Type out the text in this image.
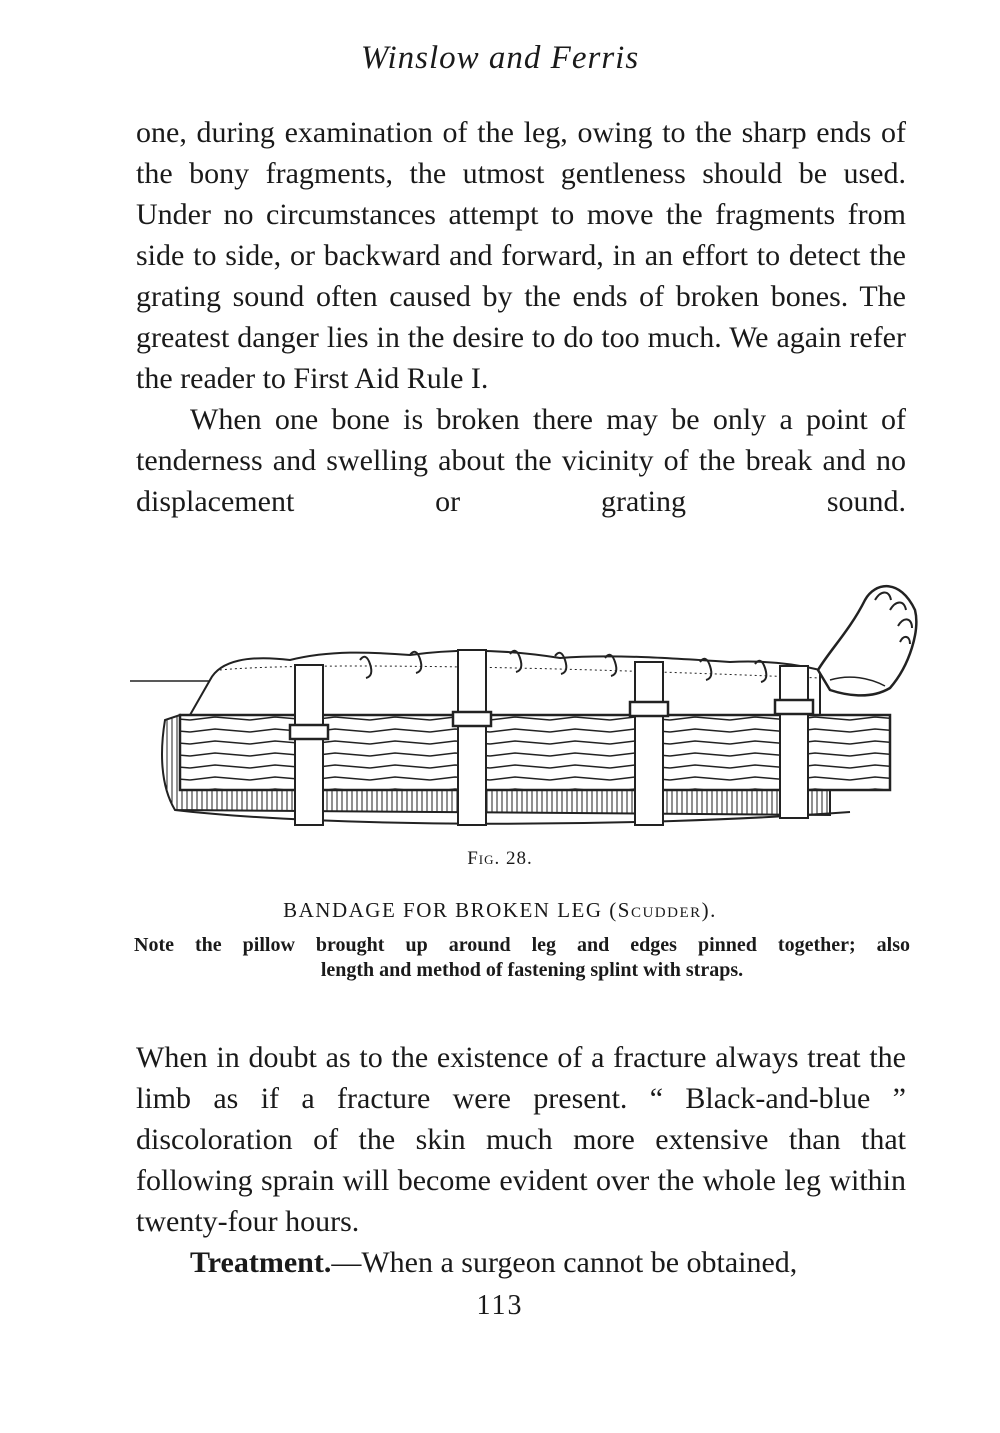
Winslow and Ferris

one, during examination of the leg, owing to the sharp ends of the bony fragments, the utmost gentleness should be used. Under no circumstances attempt to move the fragments from side to side, or backward and forward, in an effort to detect the grating sound often caused by the ends of broken bones. The greatest danger lies in the desire to do too much. We again refer the reader to First Aid Rule I.

When one bone is broken there may be only a point of tenderness and swelling about the vicinity of the break and no displacement or grating sound.

Fig. 28.
BANDAGE FOR BROKEN LEG (Scudder).
Note the pillow brought up around leg and edges pinned together; also
length and method of fastening splint with straps.

When in doubt as to the existence of a fracture always treat the limb as if a fracture were present. “ Black-and-blue ” discoloration of the skin much more extensive than that following sprain will become evident over the whole leg within twenty-four hours.

Treatment.—When a surgeon cannot be obtained,

113
